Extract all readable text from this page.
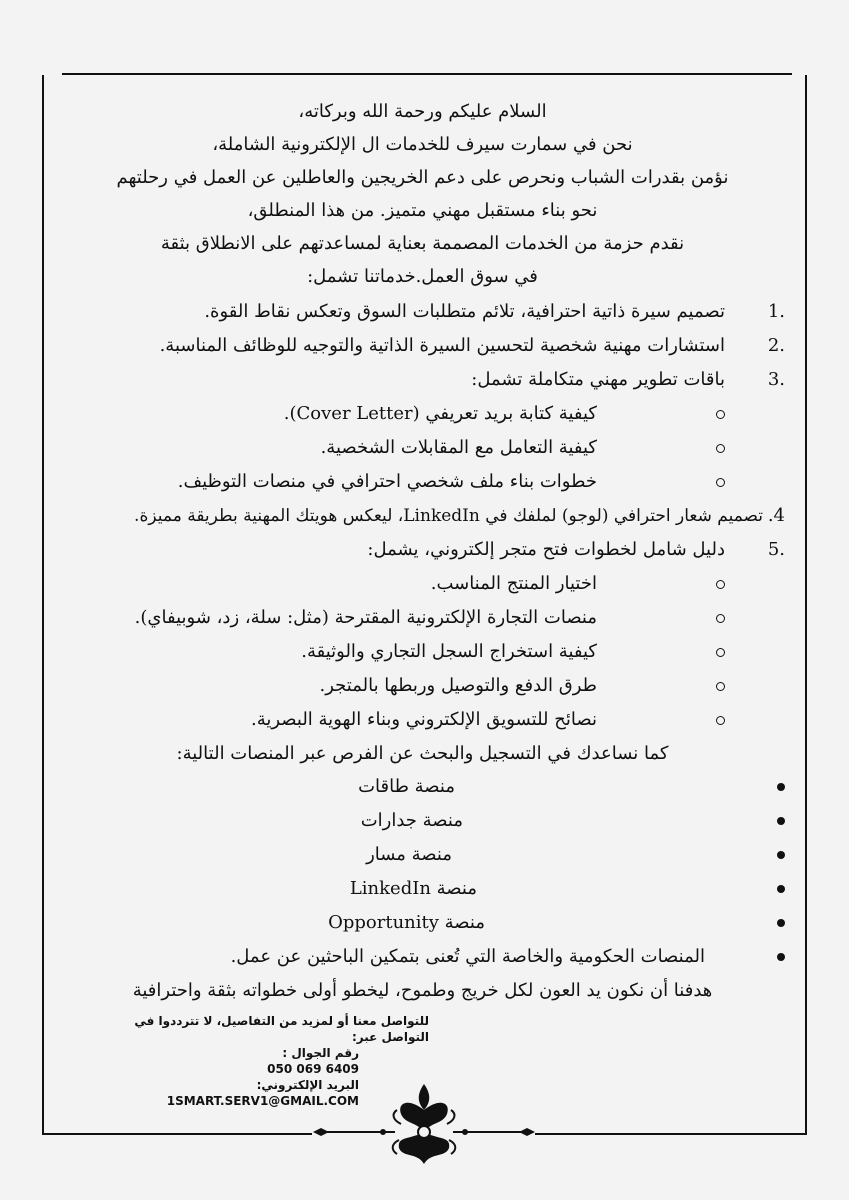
السلام عليكم ورحمة الله وبركاته،
نحن في سمارت سيرف للخدمات ال الإلكترونية الشاملة،
نؤمن بقدرات الشباب ونحرص على دعم الخريجين والعاطلين عن العمل في رحلتهم
نحو بناء مستقبل مهني متميز. من هذا المنطلق،
نقدم حزمة من الخدمات المصممة بعناية لمساعدتهم على الانطلاق بثقة
في سوق العمل.خدماتنا تشمل:
.1
تصميم سيرة ذاتية احترافية، تلائم متطلبات السوق وتعكس نقاط القوة.
.2
استشارات مهنية شخصية لتحسين السيرة الذاتية والتوجيه للوظائف المناسبة.
.3
باقات تطوير مهني متكاملة تشمل:
كيفية كتابة بريد تعريفي (Cover Letter).
كيفية التعامل مع المقابلات الشخصية.
خطوات بناء ملف شخصي احترافي في منصات التوظيف.
4.
تصميم شعار احترافي (لوجو) لملفك في LinkedIn، ليعكس هويتك المهنية بطريقة مميزة.
.5
دليل شامل لخطوات فتح متجر إلكتروني، يشمل:
اختيار المنتج المناسب.
منصات التجارة الإلكترونية المقترحة (مثل: سلة، زد، شوبيفاي).
كيفية استخراج السجل التجاري والوثيقة.
طرق الدفع والتوصيل وربطها بالمتجر.
نصائح للتسويق الإلكتروني وبناء الهوية البصرية.
كما نساعدك في التسجيل والبحث عن الفرص عبر المنصات التالية:
منصة طاقات
منصة جدارات
منصة مسار
منصة LinkedIn
منصة Opportunity
المنصات الحكومية والخاصة التي تُعنى بتمكين الباحثين عن عمل.
هدفنا أن نكون يد العون لكل خريج وطموح، ليخطو أولى خطواته بثقة واحترافية
للتواصل معنا أو لمزيد من التفاصيل، لا تترددوا في التواصل عبر:
رقم الجوال :
050 069 6409
البريد الإلكتروني:
1SMART.SERV1@GMAIL.COM
